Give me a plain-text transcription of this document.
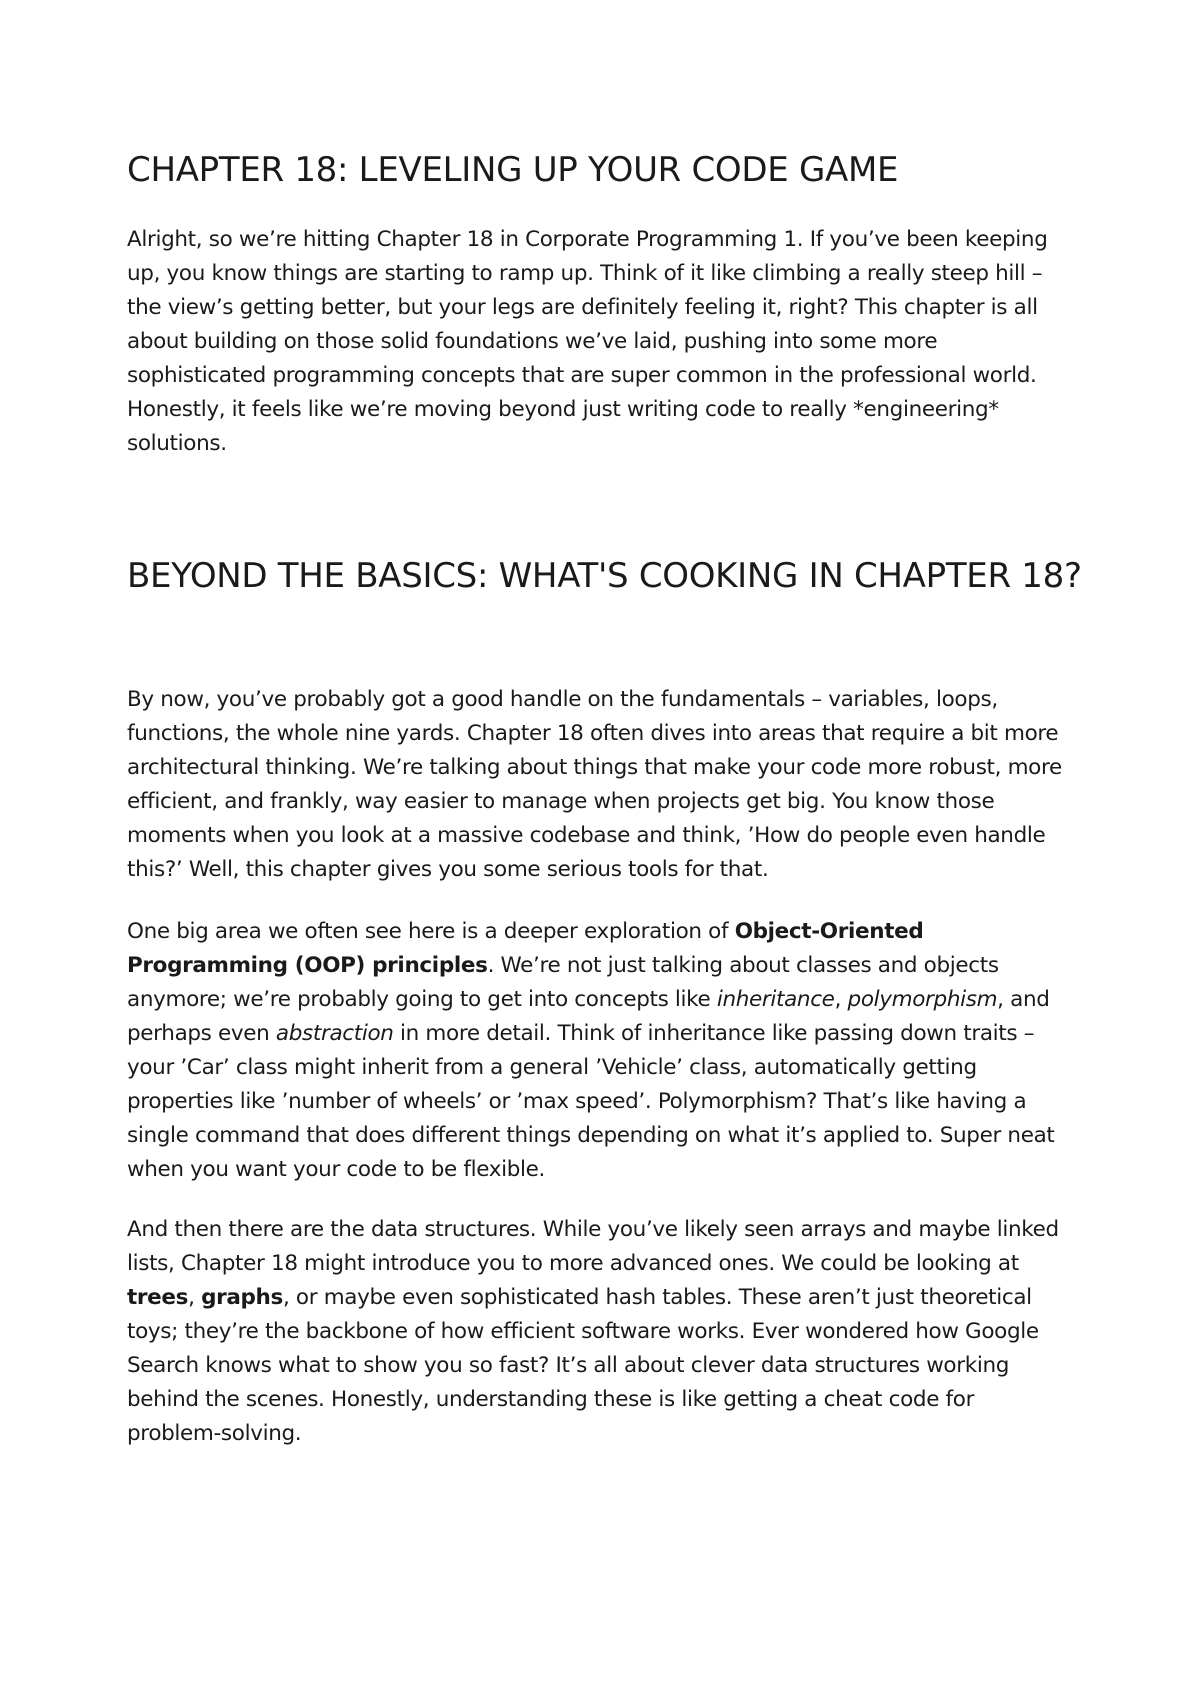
CHAPTER 18: LEVELING UP YOUR CODE GAME

Alright, so we’re hitting Chapter 18 in Corporate Programming 1. If you’ve been keeping up, you know things are starting to ramp up. Think of it like climbing a really steep hill – the view’s getting better, but your legs are definitely feeling it, right? This chapter is all about building on those solid foundations we’ve laid, pushing into some more sophisticated programming concepts that are super common in the professional world. Honestly, it feels like we’re moving beyond just writing code to really *engineering* solutions.

BEYOND THE BASICS: WHAT'S COOKING IN CHAPTER 18?

By now, you’ve probably got a good handle on the fundamentals – variables, loops, functions, the whole nine yards. Chapter 18 often dives into areas that require a bit more architectural thinking. We’re talking about things that make your code more robust, more efficient, and frankly, way easier to manage when projects get big. You know those moments when you look at a massive codebase and think, ’How do people even handle this?’ Well, this chapter gives you some serious tools for that.

One big area we often see here is a deeper exploration of Object-Oriented Programming (OOP) principles. We’re not just talking about classes and objects anymore; we’re probably going to get into concepts like inheritance, polymorphism, and perhaps even abstraction in more detail. Think of inheritance like passing down traits – your ’Car’ class might inherit from a general ’Vehicle’ class, automatically getting properties like ’number of wheels’ or ’max speed’. Polymorphism? That’s like having a single command that does different things depending on what it’s applied to. Super neat when you want your code to be flexible.

And then there are the data structures. While you’ve likely seen arrays and maybe linked lists, Chapter 18 might introduce you to more advanced ones. We could be looking at trees, graphs, or maybe even sophisticated hash tables. These aren’t just theoretical toys; they’re the backbone of how efficient software works. Ever wondered how Google Search knows what to show you so fast? It’s all about clever data structures working behind the scenes. Honestly, understanding these is like getting a cheat code for problem-solving.
